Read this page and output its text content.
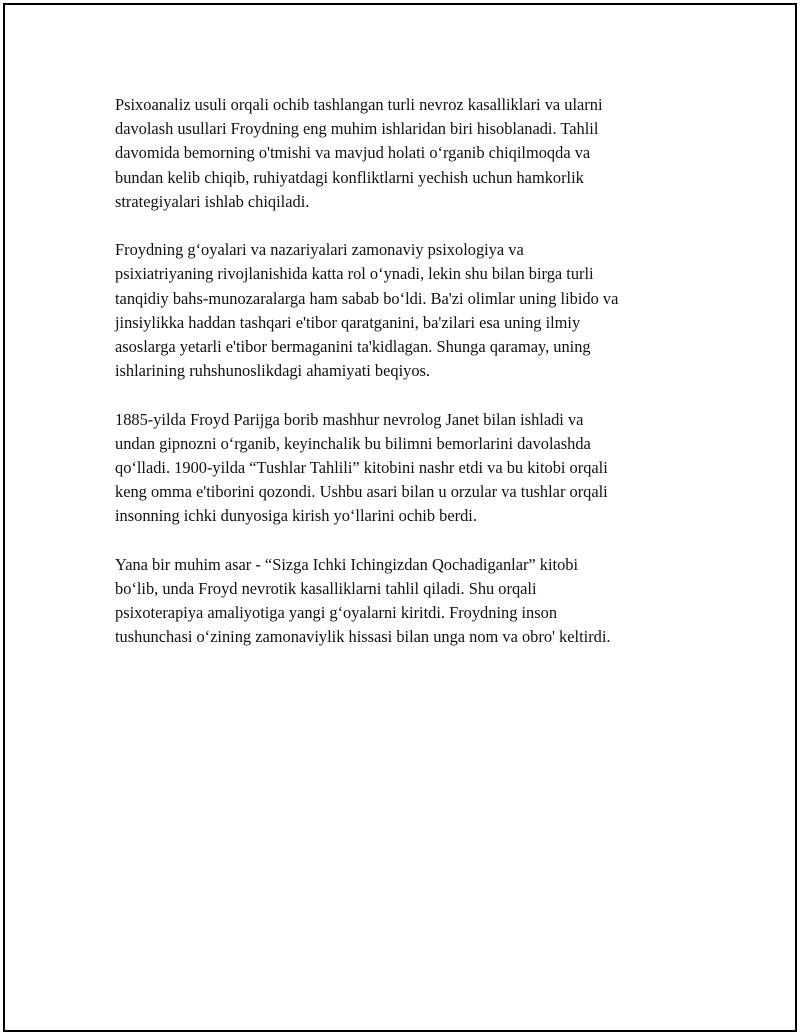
Psixoanaliz usuli orqali ochib tashlangan turli nevroz kasalliklari va ularni
davolash usullari Froydning eng muhim ishlaridan biri hisoblanadi. Tahlil
davomida bemorning o'tmishi va mavjud holati o‘rganib chiqilmoqda va
bundan kelib chiqib, ruhiyatdagi konfliktlarni yechish uchun hamkorlik
strategiyalari ishlab chiqiladi.

Froydning g‘oyalari va nazariyalari zamonaviy psixologiya va
psixiatriyaning rivojlanishida katta rol o‘ynadi, lekin shu bilan birga turli
tanqidiy bahs-munozaralarga ham sabab bo‘ldi. Ba'zi olimlar uning libido va
jinsiylikka haddan tashqari e'tibor qaratganini, ba'zilari esa uning ilmiy
asoslarga yetarli e'tibor bermaganini ta'kidlagan. Shunga qaramay, uning
ishlarining ruhshunoslikdagi ahamiyati beqiyos.

1885-yilda Froyd Parijga borib mashhur nevrolog Janet bilan ishladi va
undan gipnozni o‘rganib, keyinchalik bu bilimni bemorlarini davolashda
qo‘lladi. 1900-yilda “Tushlar Tahlili” kitobini nashr etdi va bu kitobi orqali
keng omma e'tiborini qozondi. Ushbu asari bilan u orzular va tushlar orqali
insonning ichki dunyosiga kirish yo‘llarini ochib berdi.

Yana bir muhim asar - “Sizga Ichki Ichingizdan Qochadiganlar” kitobi
bo‘lib, unda Froyd nevrotik kasalliklarni tahlil qiladi. Shu orqali
psixoterapiya amaliyotiga yangi g‘oyalarni kiritdi. Froydning inson
tushunchasi o‘zining zamonaviylik hissasi bilan unga nom va obro' keltirdi.
